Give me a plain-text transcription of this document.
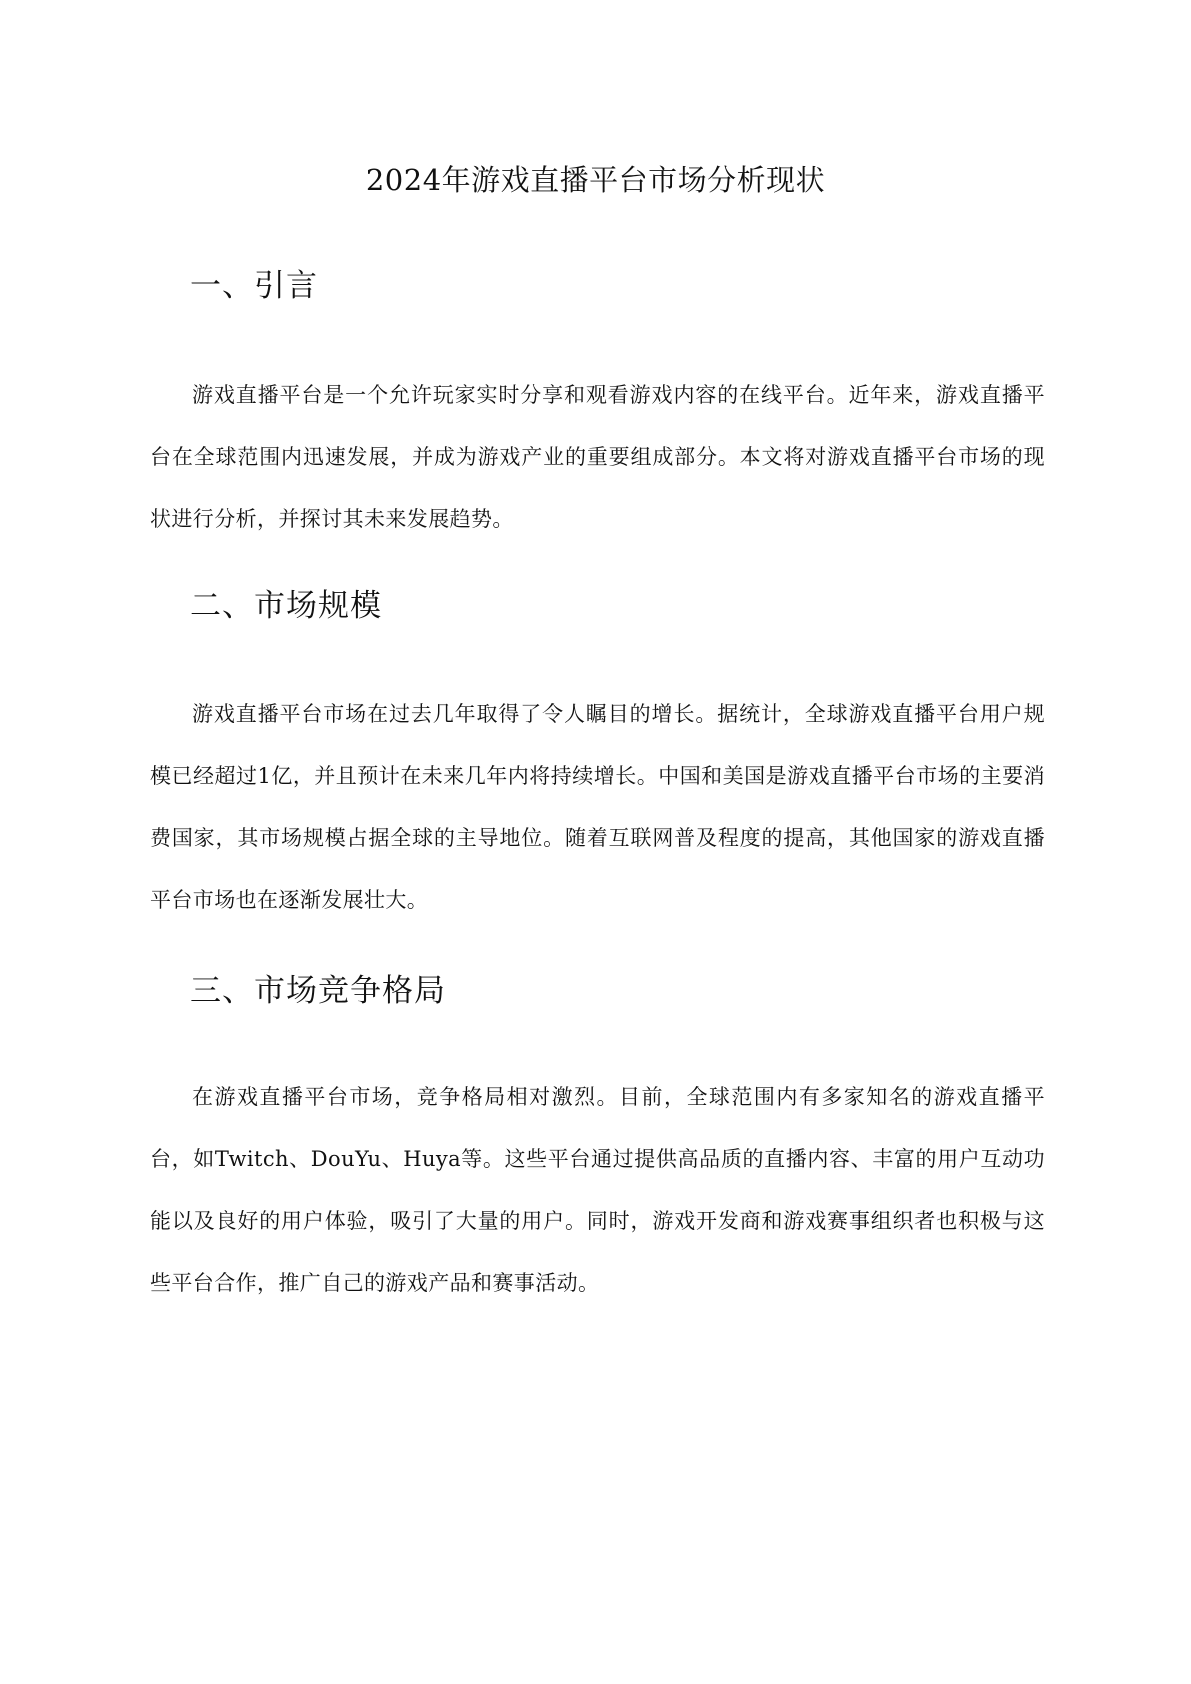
2024年游戏直播平台市场分析现状
一、引言

游戏直播平台是一个允许玩家实时分享和观看游戏内容的在线平台。近年来，游戏直播平台在全球范围内迅速发展，并成为游戏产业的重要组成部分。本文将对游戏直播平台市场的现状进行分析，并探讨其未来发展趋势。

二、市场规模

游戏直播平台市场在过去几年取得了令人瞩目的增长。据统计，全球游戏直播平台用户规模已经超过1亿，并且预计在未来几年内将持续增长。中国和美国是游戏直播平台市场的主要消费国家，其市场规模占据全球的主导地位。随着互联网普及程度的提高，其他国家的游戏直播平台市场也在逐渐发展壮大。

三、市场竞争格局

在游戏直播平台市场，竞争格局相对激烈。目前，全球范围内有多家知名的游戏直播平台，如Twitch、DouYu、Huya等。这些平台通过提供高品质的直播内容、丰富的用户互动功能以及良好的用户体验，吸引了大量的用户。同时，游戏开发商和游戏赛事组织者也积极与这些平台合作，推广自己的游戏产品和赛事活动。
